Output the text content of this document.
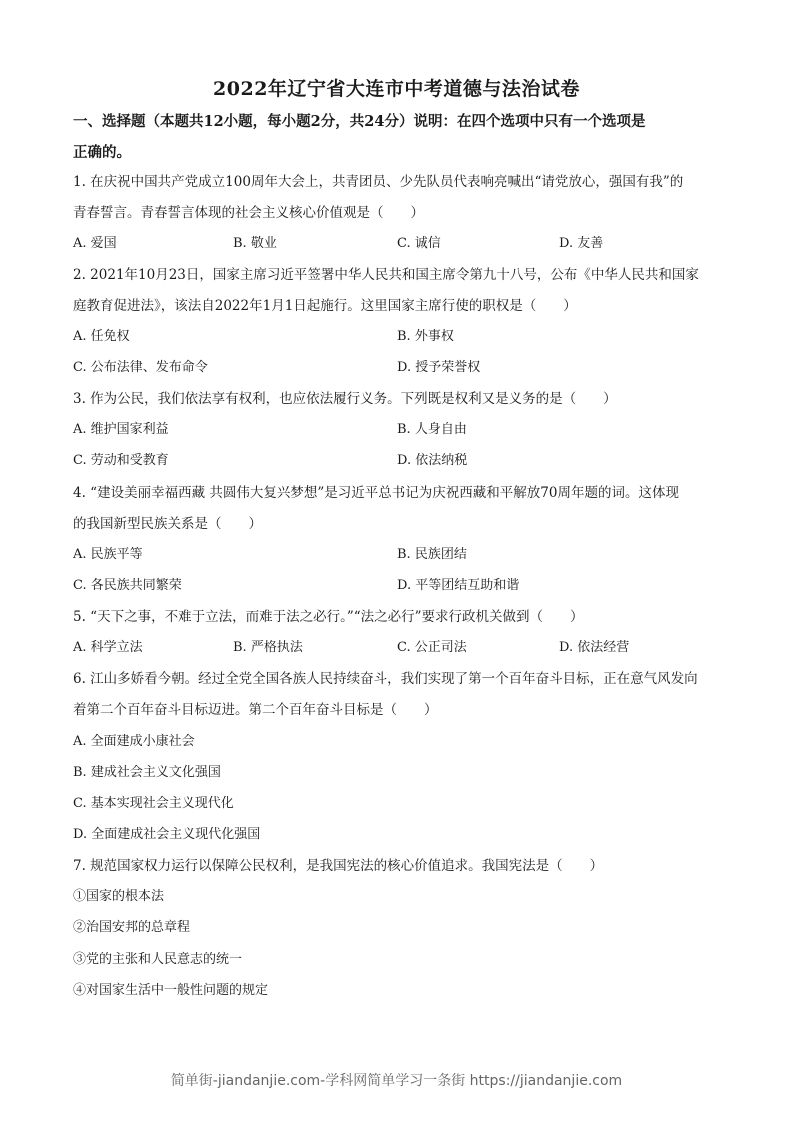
2022年辽宁省大连市中考道德与法治试卷
一、选择题（本题共12小题，每小题2分，共24分）说明：在四个选项中只有一个选项是
正确的。
1. 在庆祝中国共产党成立100周年大会上，共青团员、少先队员代表响亮喊出“请党放心，强国有我”的
青春誓言。青春誓言体现的社会主义核心价值观是（　　）
A. 爱国	B. 敬业	C. 诚信	D. 友善
2. 2021年10月23日，国家主席习近平签署中华人民共和国主席令第九十八号，公布《中华人民共和国家
庭教育促进法》，该法自2022年1月1日起施行。这里国家主席行使的职权是（　　）
A. 任免权	B. 外事权
C. 公布法律、发布命令	D. 授予荣誉权
3. 作为公民，我们依法享有权利，也应依法履行义务。下列既是权利又是义务的是（　　）
A. 维护国家利益	B. 人身自由
C. 劳动和受教育	D. 依法纳税
4. “建设美丽幸福西藏 共圆伟大复兴梦想”是习近平总书记为庆祝西藏和平解放70周年题的词。这体现
的我国新型民族关系是（　　）
A. 民族平等	B. 民族团结
C. 各民族共同繁荣	D. 平等团结互助和谐
5. “天下之事，不难于立法，而难于法之必行。”“法之必行”要求行政机关做到（　　）
A. 科学立法	B. 严格执法	C. 公正司法	D. 依法经营
6. 江山多娇看今朝。经过全党全国各族人民持续奋斗，我们实现了第一个百年奋斗目标，正在意气风发向
着第二个百年奋斗目标迈进。第二个百年奋斗目标是（　　）
A. 全面建成小康社会
B. 建成社会主义文化强国
C. 基本实现社会主义现代化
D. 全面建成社会主义现代化强国
7. 规范国家权力运行以保障公民权利，是我国宪法的核心价值追求。我国宪法是（　　）
①国家的根本法
②治国安邦的总章程
③党的主张和人民意志的统一
④对国家生活中一般性问题的规定
简单街-jiandanjie.com-学科网简单学习一条街 https://jiandanjie.com
